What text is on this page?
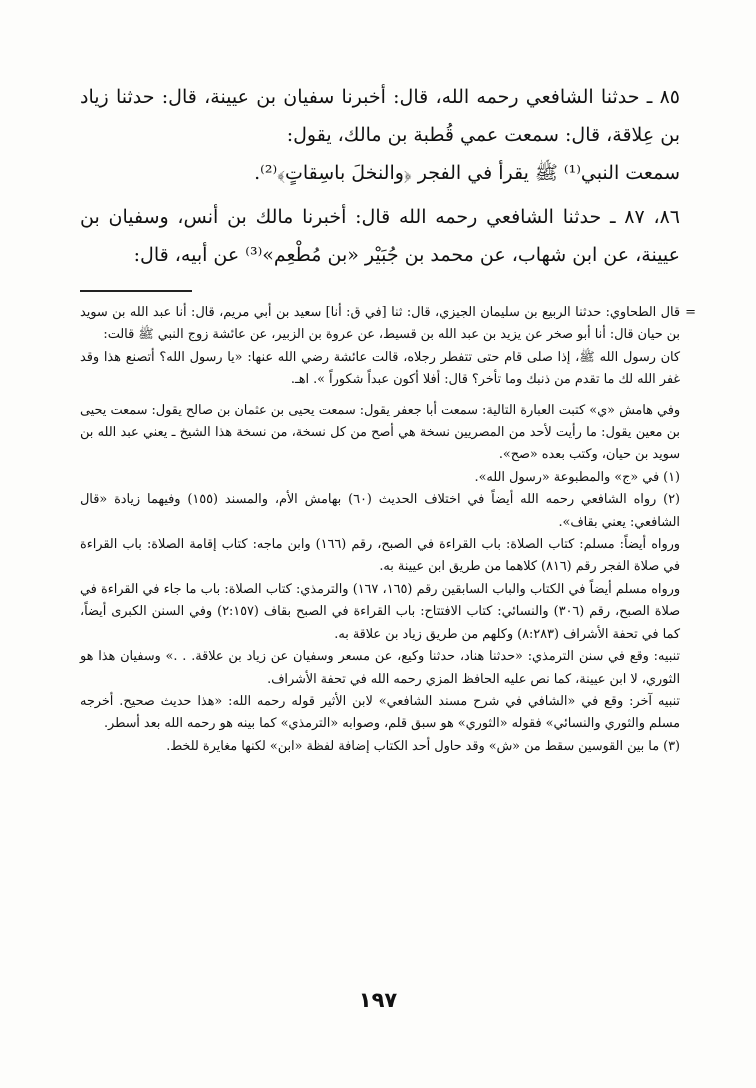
٨٥ ـ حدثنا الشافعي رحمه الله، قال: أخبرنا سفيان بن عيينة، قال: حدثنا زياد بن عِلاقة، قال: سمعت عمي قُطبة بن مالك، يقول:

سمعت النبي⁽¹⁾ ﷺ يقرأ في الفجر ﴿والنخلَ باسِقاتٍ﴾⁽²⁾.

٨٦، ٨٧ ـ حدثنا الشافعي رحمه الله قال: أخبرنا مالك بن أنس، وسفيان بن عيينة، عن ابن شهاب، عن محمد بن جُبَيْر «بن مُطْعِم»⁽³⁾ عن أبيه، قال:

=
قال الطحاوي: حدثنا الربيع بن سليمان الجيزي، قال: ثنا [في ق: أنا] سعيد بن أبي مريم، قال: أنا عبد الله بن سويد بن حيان قال: أنا أبو صخر عن يزيد بن عبد الله بن قسيط، عن عروة بن الزبير، عن عائشة زوج النبي ﷺ قالت:

كان رسول الله ﷺ، إذا صلى قام حتى تتفطر رجلاه، قالت عائشة رضي الله عنها: «يا رسول الله؟ أتصنع هذا وقد غفر الله لك ما تقدم من ذنبك وما تأخر؟ قال: أفلا أكون عبداً شكوراً ». اهـ.

وفي هامش «ي» كتبت العبارة التالية: سمعت أبا جعفر يقول: سمعت يحيى بن عثمان بن صالح يقول: سمعت يحيى بن معين يقول: ما رأيت لأحد من المصريين نسخة هي أصح من كل نسخة، من نسخة هذا الشيخ ـ يعني عبد الله بن سويد بن حيان، وكتب بعده «صح».

(١) في «ج» والمطبوعة «رسول الله».

(٢) رواه الشافعي رحمه الله أيضاً في اختلاف الحديث (٦٠) بهامش الأم، والمسند (١٥٥) وفيهما زيادة «قال الشافعي: يعني بقاف».

ورواه أيضاً: مسلم: كتاب الصلاة: باب القراءة في الصبح، رقم (١٦٦) وابن ماجه: كتاب إقامة الصلاة: باب القراءة في صلاة الفجر رقم (٨١٦) كلاهما من طريق ابن عيينة به.

ورواه مسلم أيضاً في الكتاب والباب السابقين رقم (١٦٥، ١٦٧) والترمذي: كتاب الصلاة: باب ما جاء في القراءة في صلاة الصبح، رقم (٣٠٦) والنسائي: كتاب الافتتاح: باب القراءة في الصبح بقاف (٢:١٥٧) وفي السنن الكبرى أيضاً، كما في تحفة الأشراف (٨:٢٨٣) وكلهم من طريق زياد بن علاقة به.

تنبيه: وقع في سنن الترمذي: «حدثنا هناد، حدثنا وكيع، عن مسعر وسفيان عن زياد بن علاقة. . .» وسفيان هذا هو الثوري، لا ابن عيينة، كما نص عليه الحافظ المزي رحمه الله في تحفة الأشراف.

تنبيه آخر: وقع في «الشافي في شرح مسند الشافعي» لابن الأثير قوله رحمه الله: «هذا حديث صحيح. أخرجه مسلم والثوري والنسائي» فقوله «الثوري» هو سبق قلم، وصوابه «الترمذي» كما بينه هو رحمه الله بعد أسطر.

(٣) ما بين القوسين سقط من «ش» وقد حاول أحد الكتاب إضافة لفظة «ابن» لكنها مغايرة للخط.

١٩٧
